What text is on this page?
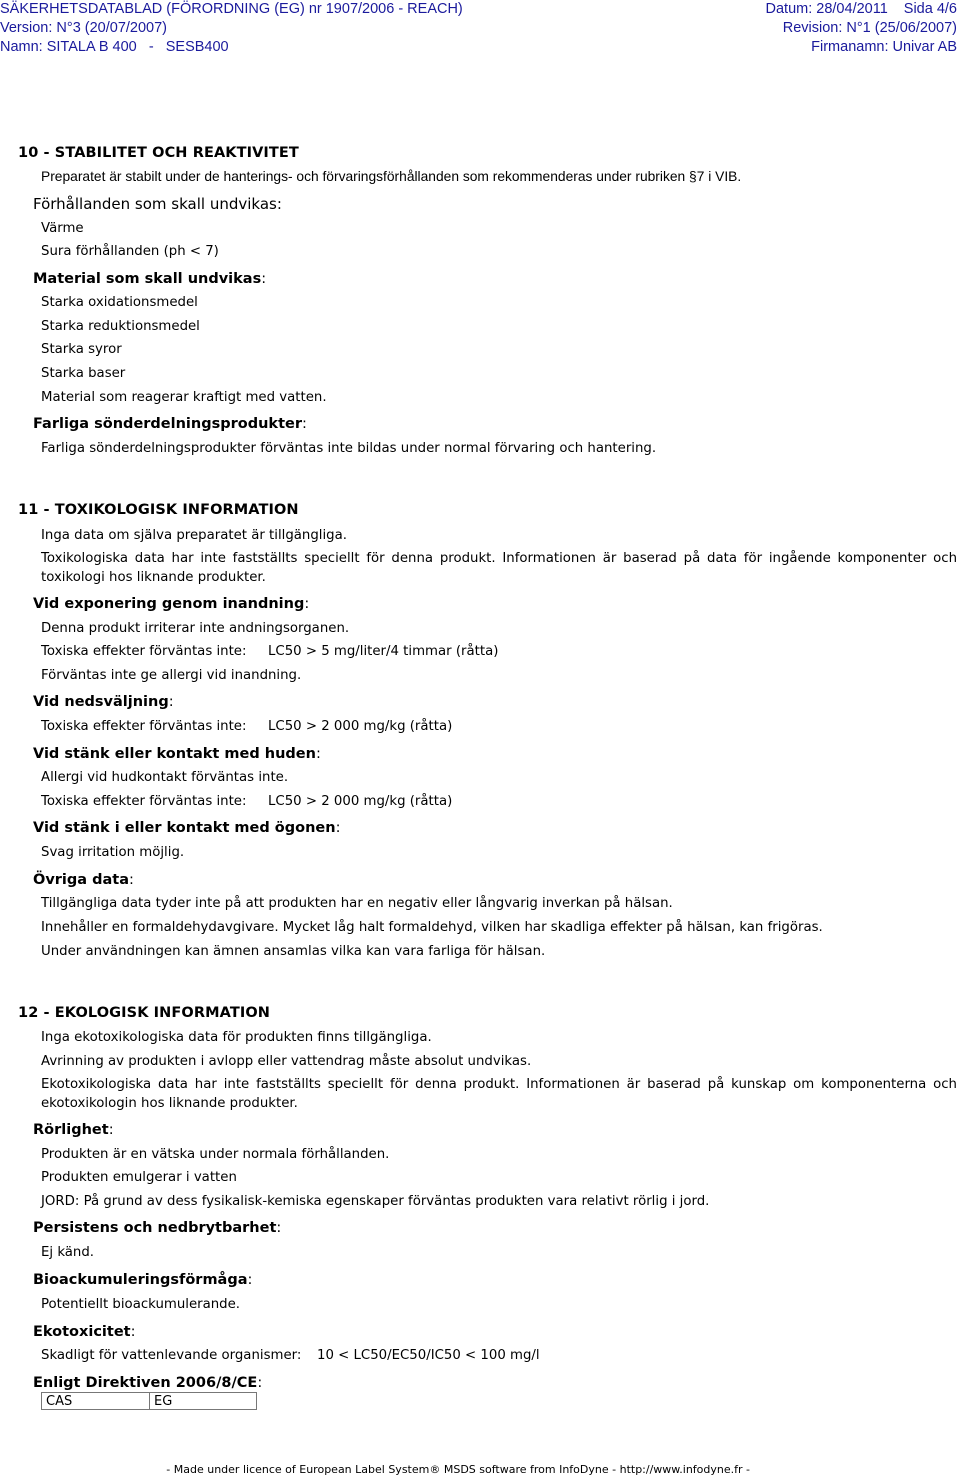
SÄKERHETSDATABLAD (FÖRORDNING (EG) nr 1907/2006 - REACH)	Datum: 28/04/2011 Sida 4/6
Version: N°3 (20/07/2007)	Revision: N°1 (25/06/2007)
Namn: SITALA B 400   -   SESB400	Firmanamn: Univar AB
10 - STABILITET OCH REAKTIVITET
Preparatet är stabilt under de hanterings- och förvaringsförhållanden som rekommenderas under rubriken §7 i VIB.
Förhållanden som skall undvikas:
Värme
Sura förhållanden (ph < 7)
Material som skall undvikas:
Starka oxidationsmedel
Starka reduktionsmedel
Starka syror
Starka baser
Material som reagerar kraftigt med vatten.
Farliga sönderdelningsprodukter:
Farliga sönderdelningsprodukter förväntas inte bildas under normal förvaring och hantering.
11 - TOXIKOLOGISK INFORMATION
Inga data om själva preparatet är tillgängliga.
Toxikologiska data har inte fastställts speciellt för denna produkt. Informationen är baserad på data för ingående komponenter och toxikologi hos liknande produkter.
Vid exponering genom inandning:
Denna produkt irriterar inte andningsorganen.
Toxiska effekter förväntas inte: LC50 > 5 mg/liter/4 timmar (råtta)
Förväntas inte ge allergi vid inandning.
Vid nedsväljning:
Toxiska effekter förväntas inte: LC50 > 2 000 mg/kg (råtta)
Vid stänk eller kontakt med huden:
Allergi vid hudkontakt förväntas inte.
Toxiska effekter förväntas inte: LC50 > 2 000 mg/kg (råtta)
Vid stänk i eller kontakt med ögonen:
Svag irritation möjlig.
Övriga data:
Tillgängliga data tyder inte på att produkten har en negativ eller långvarig inverkan på hälsan.
Innehåller en formaldehydavgivare. Mycket låg halt formaldehyd, vilken har skadliga effekter på hälsan, kan frigöras.
Under användningen kan ämnen ansamlas vilka kan vara farliga för hälsan.
12 - EKOLOGISK INFORMATION
Inga ekotoxikologiska data för produkten finns tillgängliga.
Avrinning av produkten i avlopp eller vattendrag måste absolut undvikas.
Ekotoxikologiska data har inte fastställts speciellt för denna produkt. Informationen är baserad på kunskap om komponenterna och ekotoxikologin hos liknande produkter.
Rörlighet:
Produkten är en vätska under normala förhållanden.
Produkten emulgerar i vatten
JORD: På grund av dess fysikalisk-kemiska egenskaper förväntas produkten vara relativt rörlig i jord.
Persistens och nedbrytbarhet:
Ej känd.
Bioackumuleringsförmåga:
Potentiellt bioackumulerande.
Ekotoxicitet:
Skadligt för vattenlevande organismer: 10 < LC50/EC50/IC50 < 100 mg/l
Enligt Direktiven 2006/8/CE:
CAS	EG
- Made under licence of European Label System® MSDS software from InfoDyne - http://www.infodyne.fr -
